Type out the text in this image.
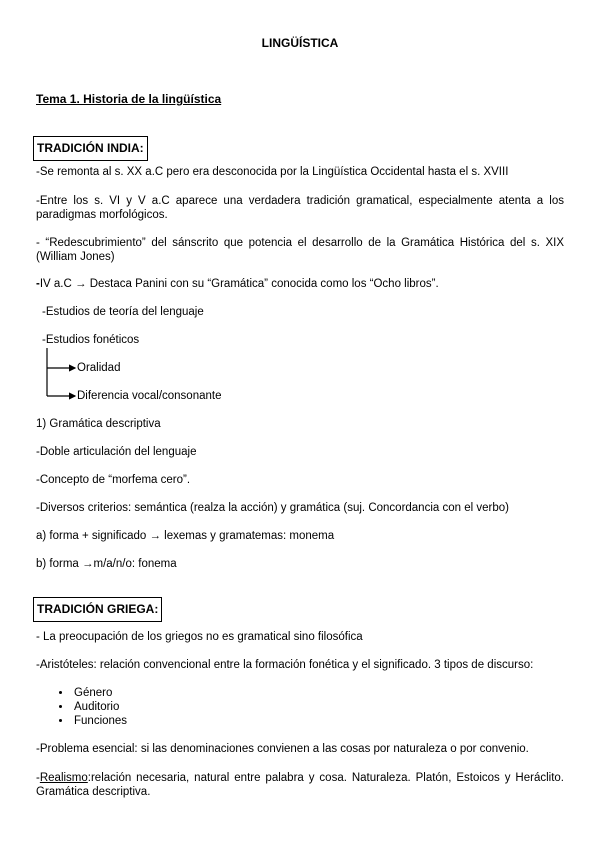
LINGÜÍSTICA
Tema 1. Historia de la lingüística
TRADICIÓN INDIA:
-Se remonta al s. XX a.C pero era desconocida por la Lingüística Occidental hasta el s. XVIII
-Entre los s. VI y V a.C aparece una verdadera tradición gramatical, especialmente atenta a los paradigmas morfológicos.
- “Redescubrimiento” del sánscrito que potencia el desarrollo de la Gramática Histórica del s. XIX (William Jones)
-IV a.C → Destaca Panini con su “Gramática” conocida como los “Ocho libros”.
-Estudios de teoría del lenguaje
-Estudios fonéticos
Oralidad
Diferencia vocal/consonante
1) Gramática descriptiva
-Doble articulación del lenguaje
-Concepto de “morfema cero”.
-Diversos criterios: semántica (realza la acción) y gramática (suj. Concordancia con el verbo)
a) forma + significado → lexemas y gramatemas: monema
b) forma →m/a/n/o: fonema
TRADICIÓN GRIEGA:
- La preocupación de los griegos no es gramatical sino filosófica
-Aristóteles: relación convencional entre la formación fonética y el significado. 3 tipos de discurso:
• Género
• Auditorio
• Funciones
-Problema esencial: si las denominaciones convienen a las cosas por naturaleza o por convenio.
-Realismo:relación necesaria, natural entre palabra y cosa. Naturaleza. Platón, Estoicos y Heráclito. Gramática descriptiva.
